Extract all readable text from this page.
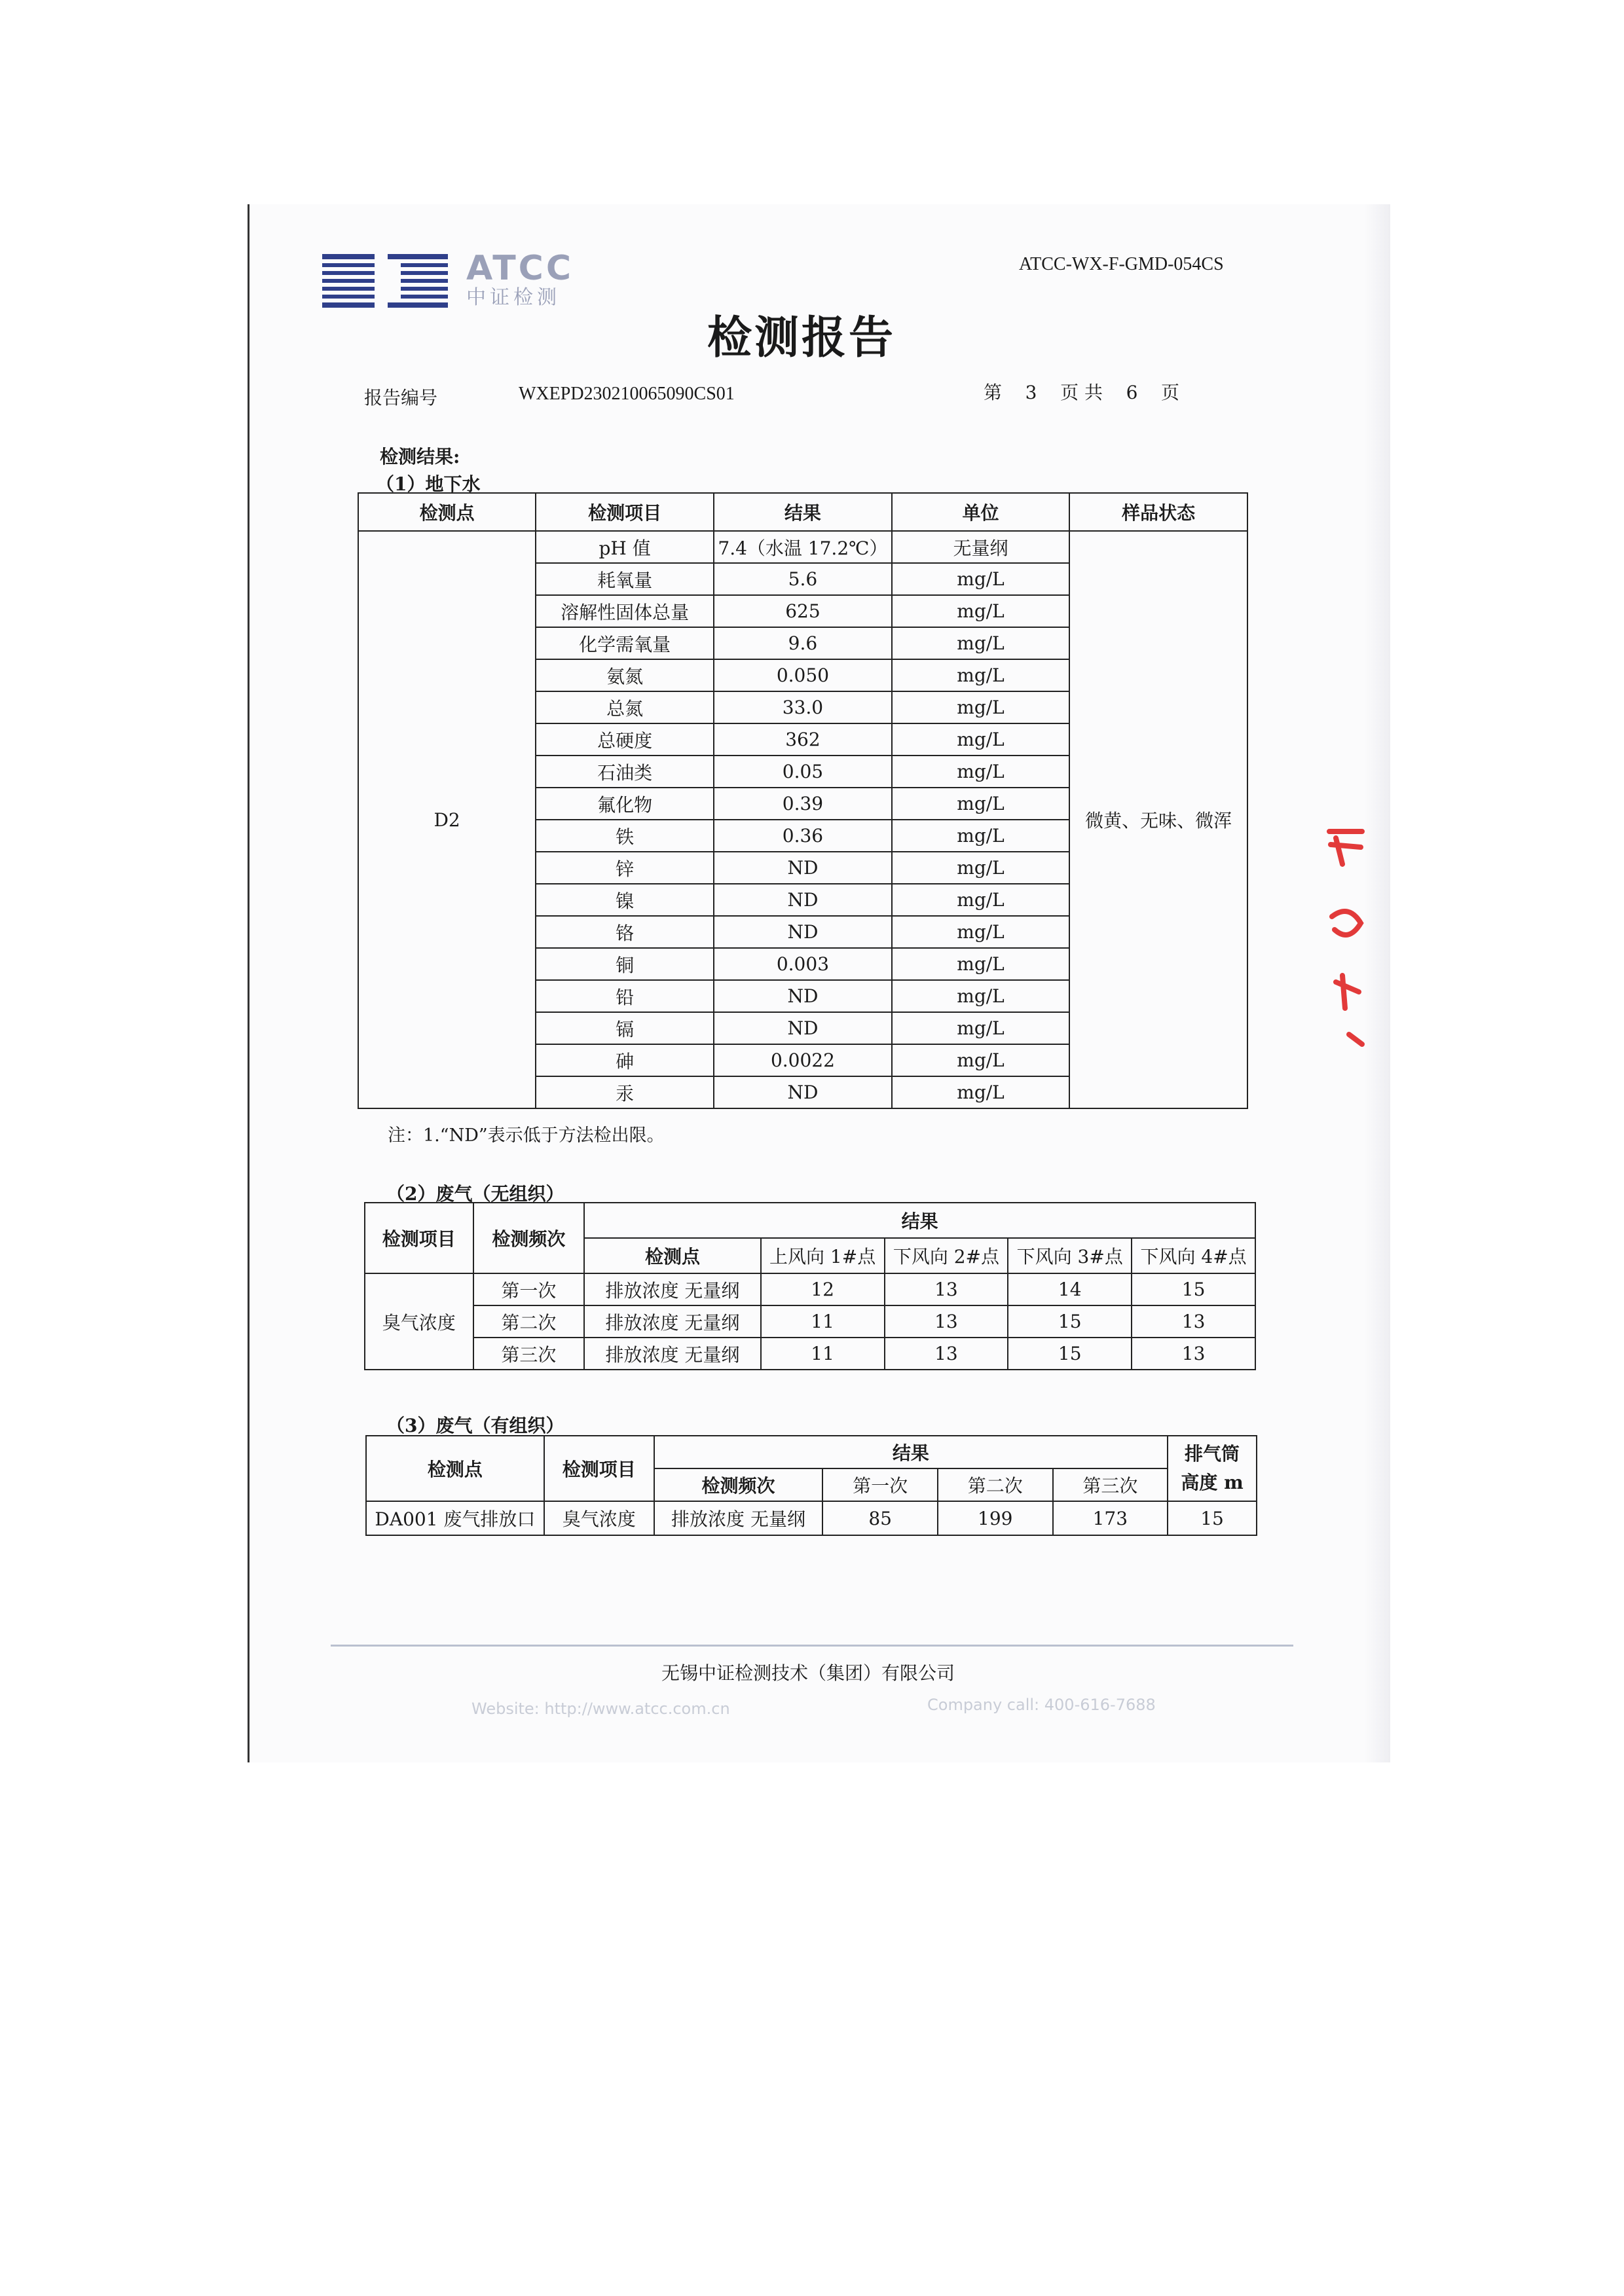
ATCC
中证检测
ATCC-WX-F-GMD-054CS
检测报告
报告编号	WXEPD230210065090CS01	第 3 页 共 6 页
检测结果:
（1）地下水
检测点	检测项目	结果	单位	样品状态
D2	pH 值	7.4（水温 17.2℃）	无量纲	微黄、无味、微浑
	耗氧量	5.6	mg/L	
	溶解性固体总量	625	mg/L	
	化学需氧量	9.6	mg/L	
	氨氮	0.050	mg/L	
	总氮	33.0	mg/L	
	总硬度	362	mg/L	
	石油类	0.05	mg/L	
	氟化物	0.39	mg/L	
	铁	0.36	mg/L	
	锌	ND	mg/L	
	镍	ND	mg/L	
	铬	ND	mg/L	
	铜	0.003	mg/L	
	铅	ND	mg/L	
	镉	ND	mg/L	
	砷	0.0022	mg/L	
	汞	ND	mg/L	
注：1.“ND”表示低于方法检出限。
（2）废气（无组织）
检测项目	检测频次	结果				
		检测点	上风向 1#点	下风向 2#点	下风向 3#点	下风向 4#点
臭气浓度	第一次	排放浓度 无量纲	12	13	14	15
	第二次	排放浓度 无量纲	11	13	15	13
	第三次	排放浓度 无量纲	11	13	15	13
（3）废气（有组织）
检测点	检测项目	结果				排气筒
高度 m

		检测频次	第一次	第二次	第三次	
DA001 废气排放口	臭气浓度	排放浓度 无量纲	85	199	173	15
无锡中证检测技术（集团）有限公司
Website: http://www.atcc.com.cn	Company call: 400-616-7688
